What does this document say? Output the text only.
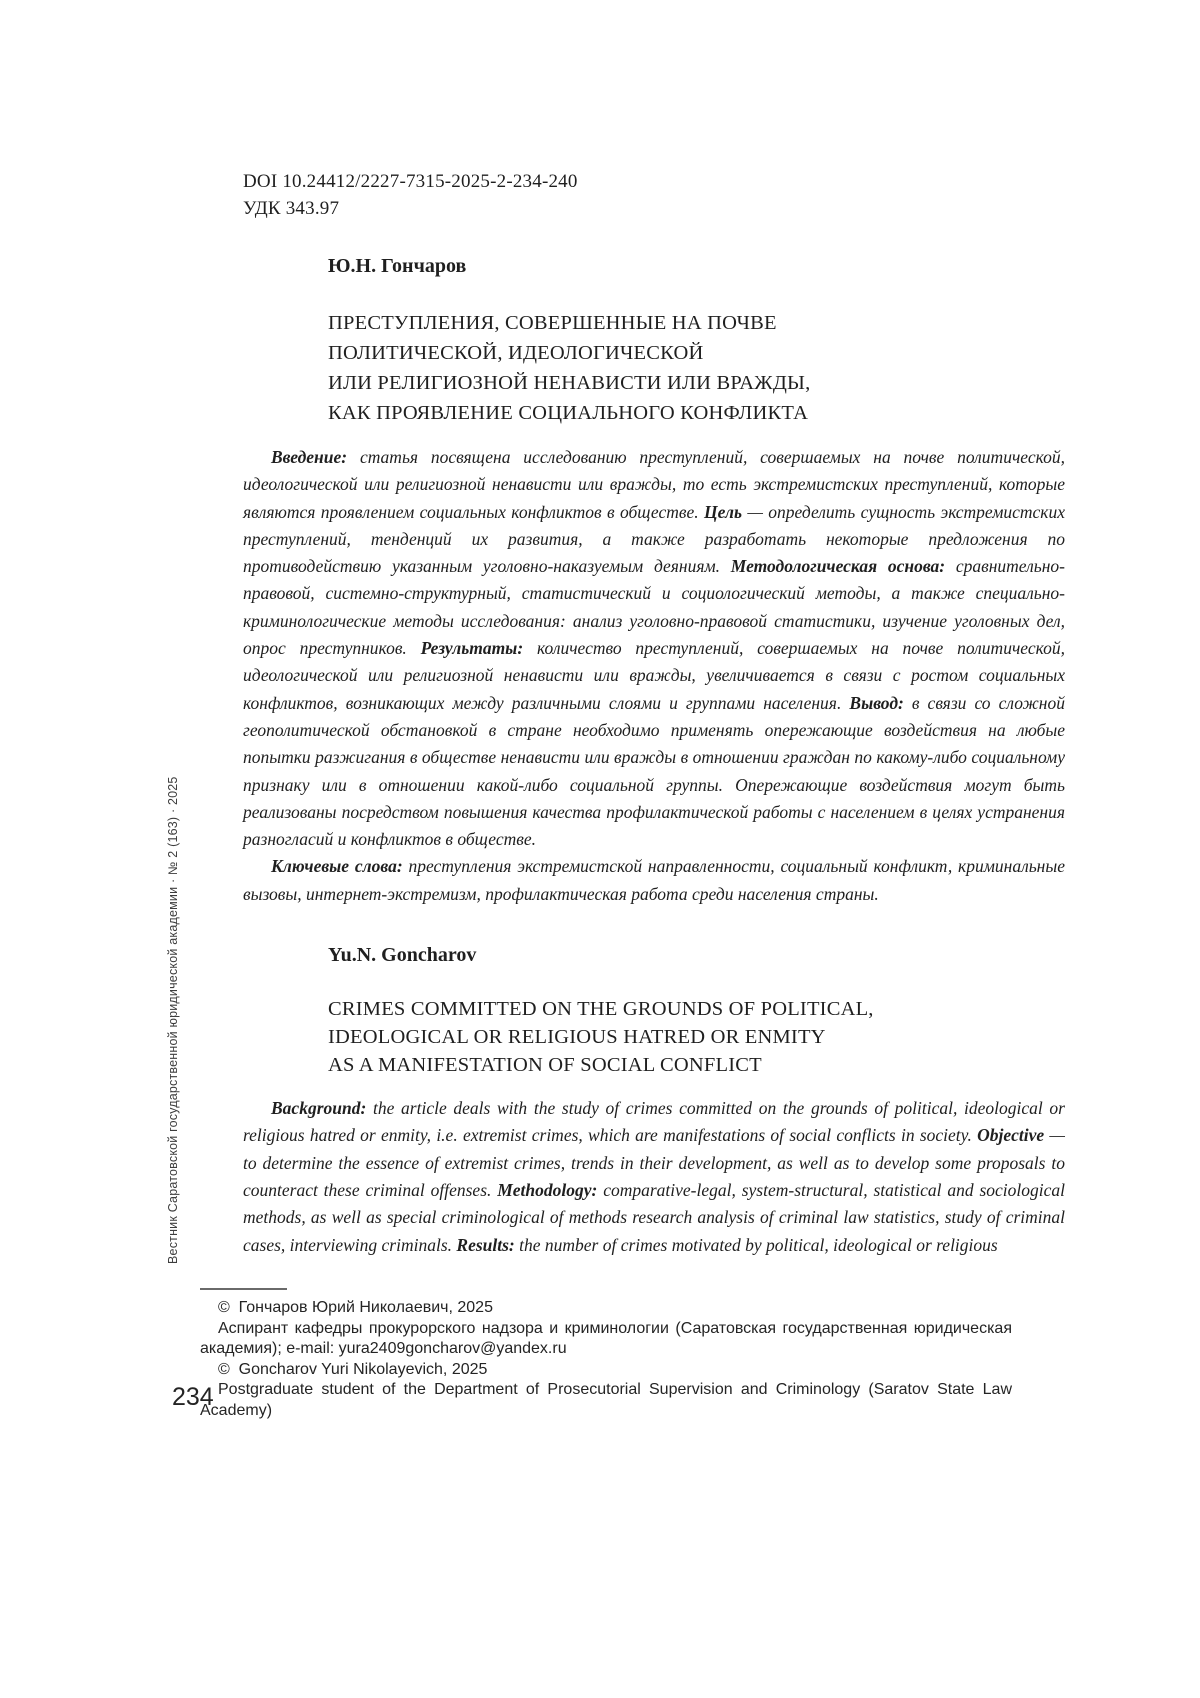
Вестник Саратовской государственной юридической академии · № 2 (163) · 2025
234
DOI 10.24412/2227-7315-2025-2-234-240
УДК 343.97
Ю.Н. Гончаров
ПРЕСТУПЛЕНИЯ, СОВЕРШЕННЫЕ НА ПОЧВЕ
ПОЛИТИЧЕСКОЙ, ИДЕОЛОГИЧЕСКОЙ
ИЛИ РЕЛИГИОЗНОЙ НЕНАВИСТИ ИЛИ ВРАЖДЫ,
КАК ПРОЯВЛЕНИЕ СОЦИАЛЬНОГО КОНФЛИКТА

Введение: статья посвящена исследованию преступлений, совершаемых на почве политической, идеологической или религиозной ненависти или вражды, то есть экстремистских преступлений, которые являются проявлением социальных конфликтов в обществе. Цель — определить сущность экстремистских преступлений, тенденций их развития, а также разработать некоторые предложения по противодействию указанным уголовно-наказуемым деяниям. Методологическая основа: сравнительно-правовой, системно-структурный, статистический и социологический методы, а также специально-криминологические методы исследования: анализ уголовно-правовой статистики, изучение уголовных дел, опрос преступников. Результаты: количество преступлений, совершаемых на почве политической, идеологической или религиозной ненависти или вражды, увеличивается в связи с ростом социальных конфликтов, возникающих между различными слоями и группами населения. Вывод: в связи со сложной геополитической обстановкой в стране необходимо применять опережающие воздействия на любые попытки разжигания в обществе ненависти или вражды в отношении граждан по какому-либо социальному признаку или в отношении какой-либо социальной группы. Опережающие воздействия могут быть реализованы посредством повышения качества профилактической работы с населением в целях устранения разногласий и конфликтов в обществе.

Ключевые слова: преступления экстремистской направленности, социальный конфликт, криминальные вызовы, интернет-экстремизм, профилактическая работа среди населения страны.

Yu.N. Goncharov
CRIMES COMMITTED ON THE GROUNDS OF POLITICAL,
IDEOLOGICAL OR RELIGIOUS HATRED OR ENMITY
AS A MANIFESTATION OF SOCIAL CONFLICT

Background: the article deals with the study of crimes committed on the grounds of political, ideological or religious hatred or enmity, i.e. extremist crimes, which are manifestations of social conflicts in society. Objective — to determine the essence of extremist crimes, trends in their development, as well as to develop some proposals to counteract these criminal offenses. Methodology: comparative-legal, system-structural, statistical and sociological methods, as well as special criminological of methods research analysis of criminal law statistics, study of criminal cases, interviewing criminals. Results: the number of crimes motivated by political, ideological or religious

©  Гончаров Юрий Николаевич, 2025

Аспирант кафедры прокурорского надзора и криминологии (Саратовская государственная юридическая академия); e-mail: yura2409goncharov@yandex.ru

©  Goncharov Yuri Nikolayevich, 2025

Postgraduate student of the Department of Prosecutorial Supervision and Criminology (Saratov State Law Academy)
